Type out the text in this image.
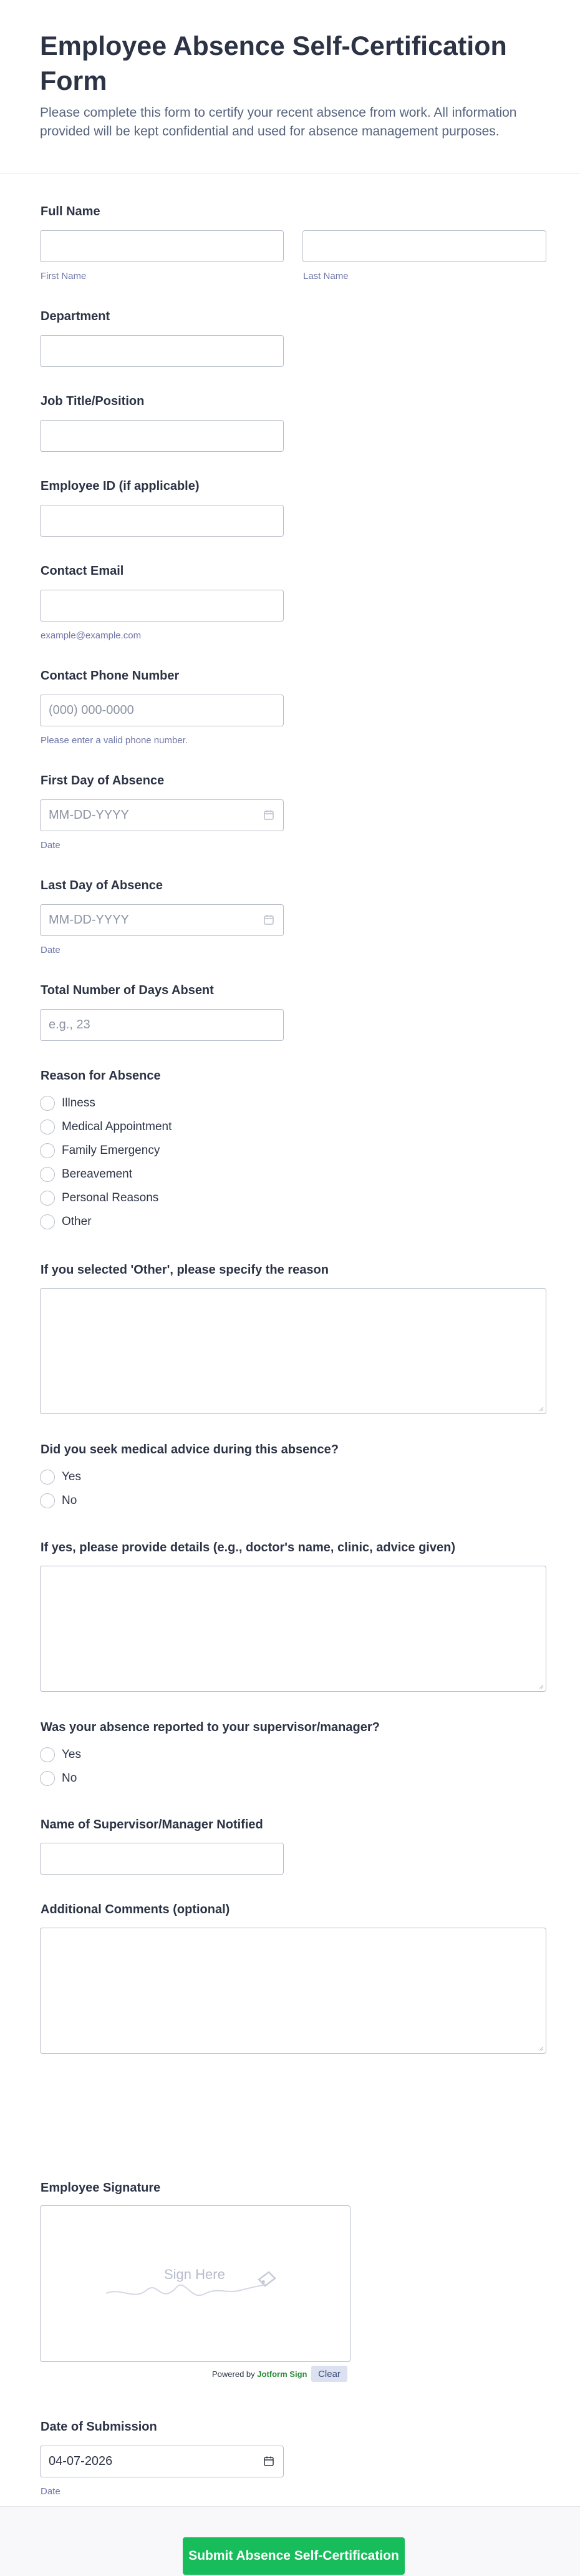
Employee Absence Self-Certification Form

Please complete this form to certify your recent absence from work. All information provided will be kept confidential and used for absence management purposes.

Full Name
First Name	Last Name
Department
Job Title/Position
Employee ID (if applicable)
Contact Email
example@example.com
Contact Phone Number
(000) 000-0000
Please enter a valid phone number.
First Day of Absence
MM-DD-YYYY
Date
Last Day of Absence
MM-DD-YYYY
Date
Total Number of Days Absent
e.g., 23
Reason for Absence
Illness
Medical Appointment
Family Emergency
Bereavement
Personal Reasons
Other
If you selected 'Other', please specify the reason
Did you seek medical advice during this absence?
Yes
No
If yes, please provide details (e.g., doctor's name, clinic, advice given)
Was your absence reported to your supervisor/manager?
Yes
No
Name of Supervisor/Manager Notified
Additional Comments (optional)
Employee Signature
Sign Here
Powered by Jotform Sign	Clear
Date of Submission
04-07-2026
Date
Submit Absence Self-Certification
